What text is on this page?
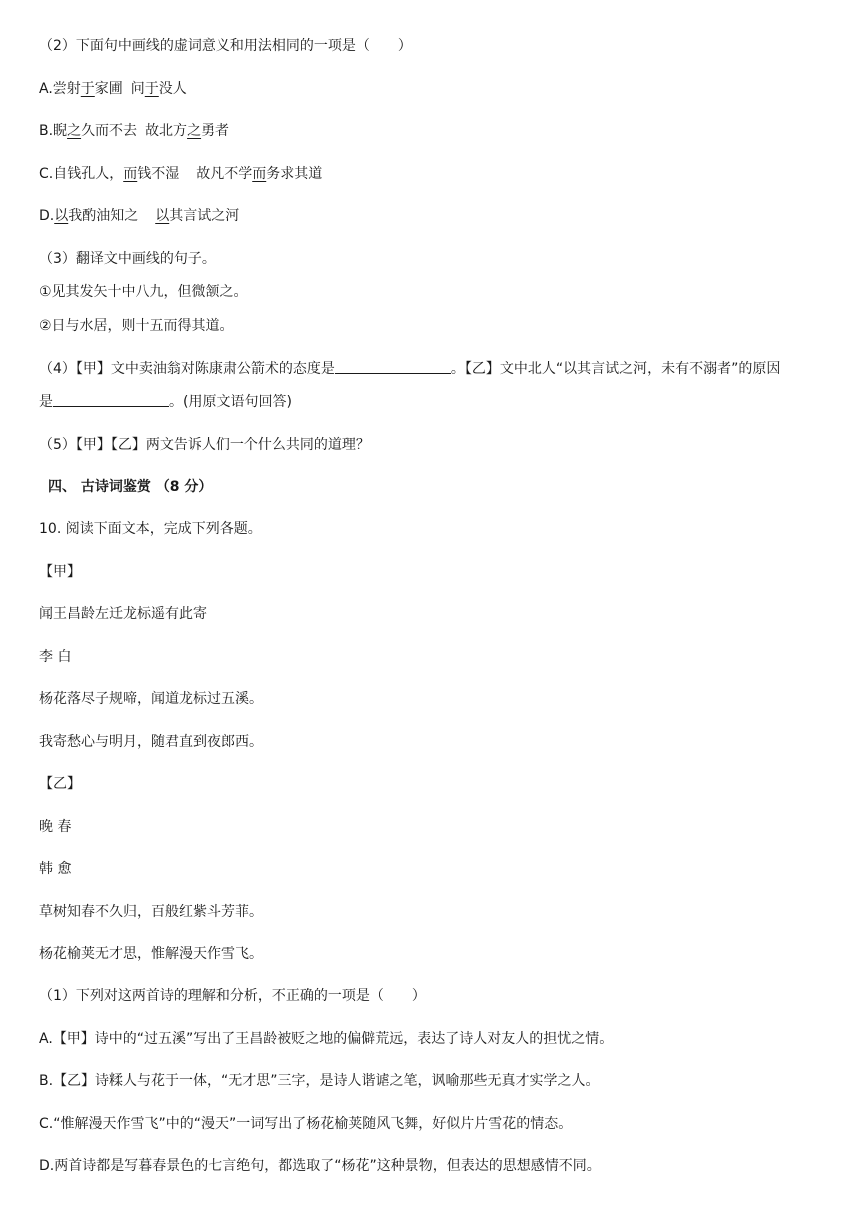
（2）下面句中画线的虚词意义和用法相同的一项是（　　）
A.尝射于家圃 问于没人
B.睨之久而不去 故北方之勇者
C.自钱孔人，而钱不湿 故凡不学而务求其道
D.以我酌油知之 以其言试之河
（3）翻译文中画线的句子。
①见其发矢十中八九，但微颔之。
②日与水居，则十五而得其道。
（4）【甲】文中卖油翁对陈康肃公箭术的态度是	。【乙】文中北人“以其言试之河，未有不溺者”的原因
是	。(用原文语句回答)
（5）【甲】【乙】两文告诉人们一个什么共同的道理？
四、 古诗词鉴赏 （8 分）
10. 阅读下面文本，完成下列各题。
【甲】
闻王昌龄左迁龙标遥有此寄
李 白
杨花落尽子规啼，闻道龙标过五溪。
我寄愁心与明月，随君直到夜郎西。
【乙】
晚 春
韩 愈
草树知春不久归，百般红紫斗芳菲。
杨花榆荚无才思，惟解漫天作雪飞。
（1）下列对这两首诗的理解和分析，不正确的一项是（　　）
A.【甲】诗中的“过五溪”写出了王昌龄被贬之地的偏僻荒远，表达了诗人对友人的担忧之情。
B.【乙】诗糅人与花于一体，“无才思”三字，是诗人谐谑之笔，讽喻那些无真才实学之人。
C.“惟解漫天作雪飞”中的“漫天”一词写出了杨花榆荚随风飞舞，好似片片雪花的情态。
D.两首诗都是写暮春景色的七言绝句，都选取了“杨花”这种景物，但表达的思想感情不同。
